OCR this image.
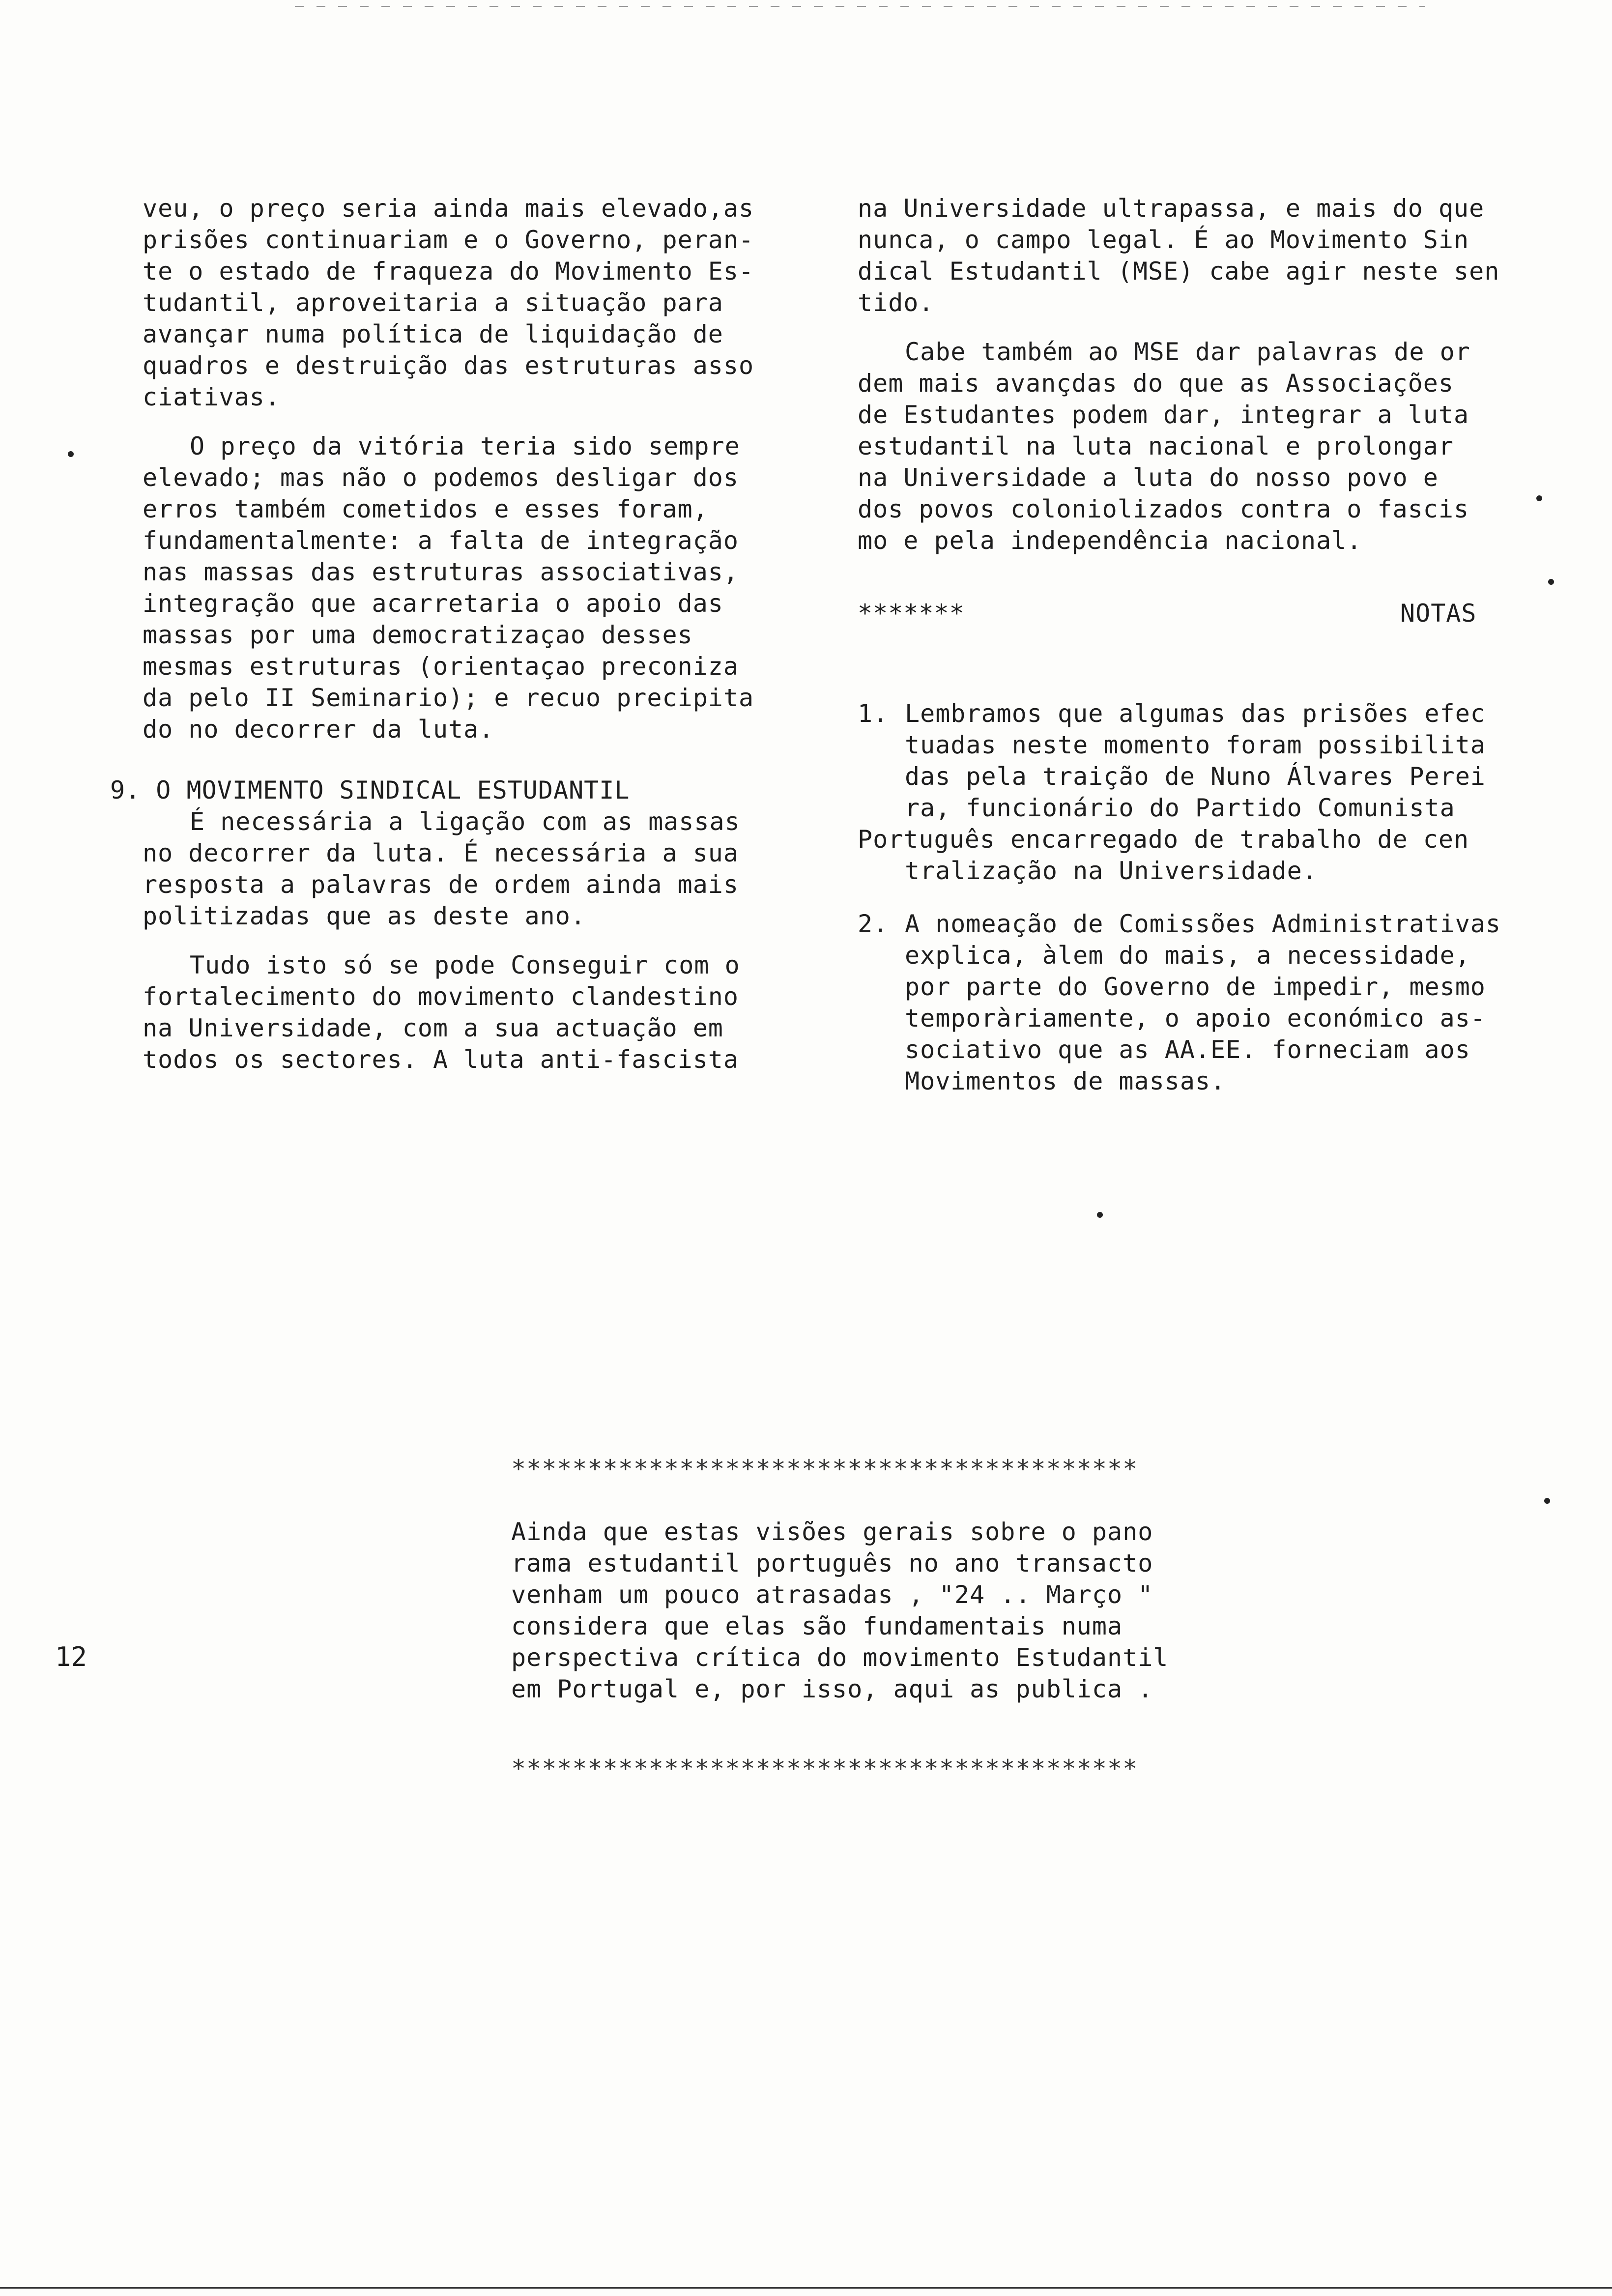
veu, o preço seria ainda mais elevado,as

prisões continuariam e o Governo, peran-

te o estado de fraqueza do Movimento Es-

tudantil, aproveitaria a situação para

avançar numa política de liquidação de

quadros e destruição das estruturas asso

ciativas.

O preço da vitória teria sido sempre

elevado; mas não o podemos desligar dos

erros também cometidos e esses foram,

fundamentalmente: a falta de integração

nas massas das estruturas associativas,

integração que acarretaria o apoio das

massas por uma democratizaçao desses

mesmas estruturas (orientaçao preconiza

da pelo II Seminario); e recuo precipita

do no decorrer da luta.

9. O MOVIMENTO SINDICAL ESTUDANTIL

É necessária a ligação com as massas

no decorrer da luta. É necessária a sua

resposta a palavras de ordem ainda mais

politizadas que as deste ano.

Tudo isto só se pode Conseguir com o

fortalecimento do movimento clandestino

na Universidade, com a sua actuação em

todos os sectores. A luta anti-fascista

na Universidade ultrapassa, e mais do que

nunca, o campo legal. É ao Movimento Sin

dical Estudantil (MSE) cabe agir neste sen

tido.

Cabe também ao MSE dar palavras de or

dem mais avançdas do que as Associações

de Estudantes podem dar, integrar a luta

estudantil na luta nacional e prolongar

na Universidade a luta do nosso povo e

dos povos coloniolizados contra o fascis

mo e pela independência nacional.

*******	NOTAS
1. Lembramos que algumas das prisões efec

tuadas neste momento foram possibilita

das pela traição de Nuno Álvares Perei

ra, funcionário do Partido Comunista

Português encarregado de trabalho de cen

tralização na Universidade.

2. A nomeação de Comissões Administrativas

explica, àlem do mais, a necessidade,

por parte do Governo de impedir, mesmo

temporàriamente, o apoio económico as-

sociativo que as AA.EE. forneciam aos

Movimentos de massas.

*****************************************

Ainda que estas visões gerais sobre o pano

rama estudantil português no ano transacto

venham um pouco atrasadas , "24 .. Março "

considera que elas são fundamentais numa

perspectiva crítica do movimento Estudantil

em Portugal e, por isso, aqui as publica .

*****************************************
12
